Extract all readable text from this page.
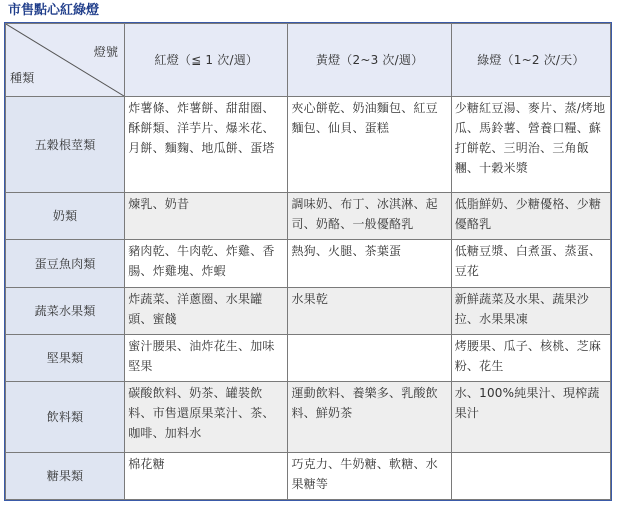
市售點心紅綠燈
燈號
種類	紅燈（≦ 1 次/週）	黃燈（2~3 次/週）	綠燈（1~2 次/天）
五穀根莖類	炸薯條、炸薯餅、甜甜圈、酥餅類、洋芋片、爆米花、月餅、麵麴、地瓜餅、蛋塔	夾心餅乾、奶油麵包、紅豆麵包、仙貝、蛋糕	少糖紅豆湯、麥片、蒸/烤地瓜、馬鈴薯、營養口糧、蘇打餅乾、三明治、三角飯糰、十穀米漿
奶類	煉乳、奶昔	調味奶、布丁、冰淇淋、起司、奶酪、一般優酪乳	低脂鮮奶、少糖優格、少糖優酪乳
蛋豆魚肉類	豬肉乾、牛肉乾、炸雞、香腸、炸雞塊、炸蝦	熱狗、火腿、茶葉蛋	低糖豆漿、白煮蛋、蒸蛋、豆花
蔬菜水果類	炸蔬菜、洋蔥圈、水果罐頭、蜜餞	水果乾	新鮮蔬菜及水果、蔬果沙拉、水果果凍
堅果類	蜜汁腰果、油炸花生、加味堅果		烤腰果、瓜子、核桃、芝麻粉、花生
飲料類	碳酸飲料、奶茶、罐裝飲料、市售還原果菜汁、茶、咖啡、加料水	運動飲料、養樂多、乳酸飲料、鮮奶茶	水、100%純果汁、現榨蔬果汁
糖果類	棉花糖	巧克力、牛奶糖、軟糖、水果糖等	
